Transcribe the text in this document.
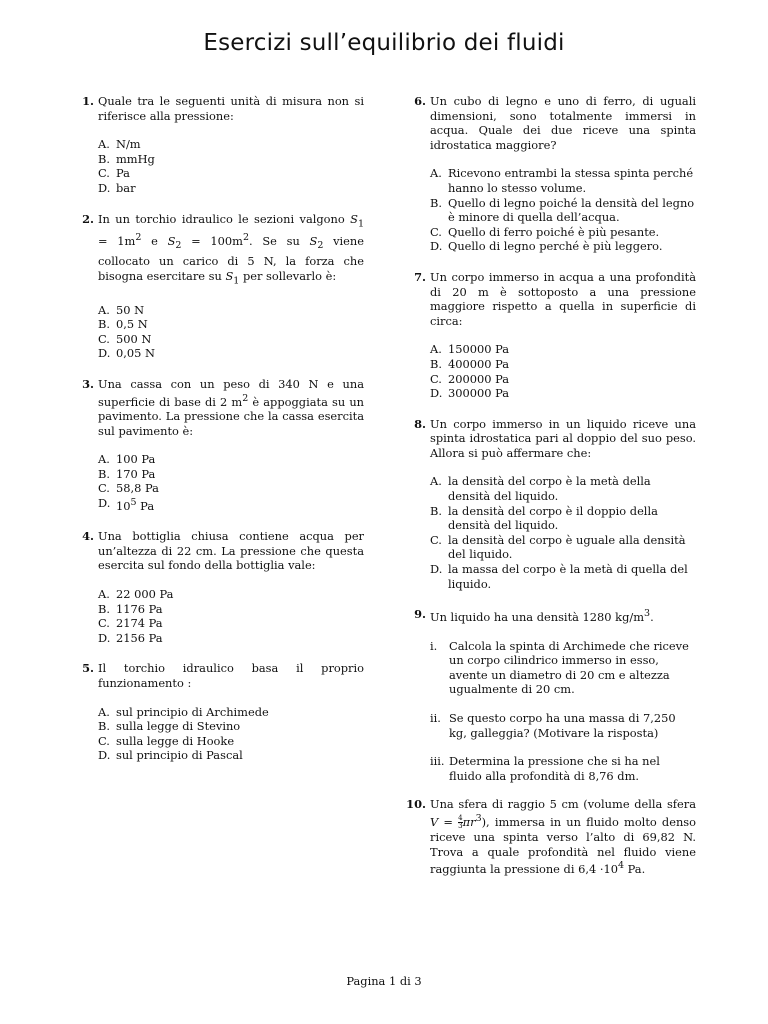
Esercizi sull’equilibrio dei fluidi
1. Quale tra le seguenti unità di misura non si riferisce alla pressione:
A. N/m
B. mmHg
C. Pa
D. bar
2. In un torchio idraulico le sezioni valgono $S_1 = 1m^2$ e $S_2 = 100m^2$. Se su $S_2$ viene collocato un carico di 5 N, la forza che bisogna esercitare su $S_1$ per sollevarlo è:
A. 50 N
B. 0,5 N
C. 500 N
D. 0,05 N
3. Una cassa con un peso di 340 N e una superficie di base di 2 $m^2$ è appoggiata su un pavimento. La pressione che la cassa esercita sul pavimento è:
A. 100 Pa
B. 170 Pa
C. 58,8 Pa
D. $10^5$ Pa
4. Una bottiglia chiusa contiene acqua per un’altezza di 22 cm. La pressione che questa esercita sul fondo della bottiglia vale:
A. 22 000 Pa
B. 1176 Pa
C. 2174 Pa
D. 2156 Pa
5. Il torchio idraulico basa il proprio funzionamento :
A. sul principio di Archimede
B. sulla legge di Stevino
C. sulla legge di Hooke
D. sul principio di Pascal
6. Un cubo di legno e uno di ferro, di uguali dimensioni, sono totalmente immersi in acqua. Quale dei due riceve una spinta idrostatica maggiore?
A. Ricevono entrambi la stessa spinta perché hanno lo stesso volume.
B. Quello di legno poiché la densità del legno è minore di quella dell’acqua.
C. Quello di ferro poiché è più pesante.
D. Quello di legno perché è più leggero.
7. Un corpo immerso in acqua a una profondità di 20 m è sottoposto a una pressione maggiore rispetto a quella in superficie di circa:
A. 150000 Pa
B. 400000 Pa
C. 200000 Pa
D. 300000 Pa
8. Un corpo immerso in un liquido riceve una spinta idrostatica pari al doppio del suo peso. Allora si può affermare che:
A. la densità del corpo è la metà della densità del liquido.
B. la densità del corpo è il doppio della densità del liquido.
C. la densità del corpo è uguale alla densità del liquido.
D. la massa del corpo è la metà di quella del liquido.
9. Un liquido ha una densità 1280 $kg/m^3$.
i. Calcola la spinta di Archimede che riceve un corpo cilindrico immerso in esso, avente un diametro di 20 cm e altezza ugualmente di 20 cm.
ii. Se questo corpo ha una massa di 7,250 kg, galleggia? (Motivare la risposta)
iii. Determina la pressione che si ha nel fluido alla profondità di 8,76 dm.
10. Una sfera di raggio 5 cm (volume della sfera $V = \frac{4}{3} \pi r^3$), immersa in un fluido molto denso riceve una spinta verso l’alto di 69,82 N. Trova a quale profondità nel fluido viene raggiunta la pressione di $6,4 \cdot 10^4$ Pa.
Pagina 1 di 3
